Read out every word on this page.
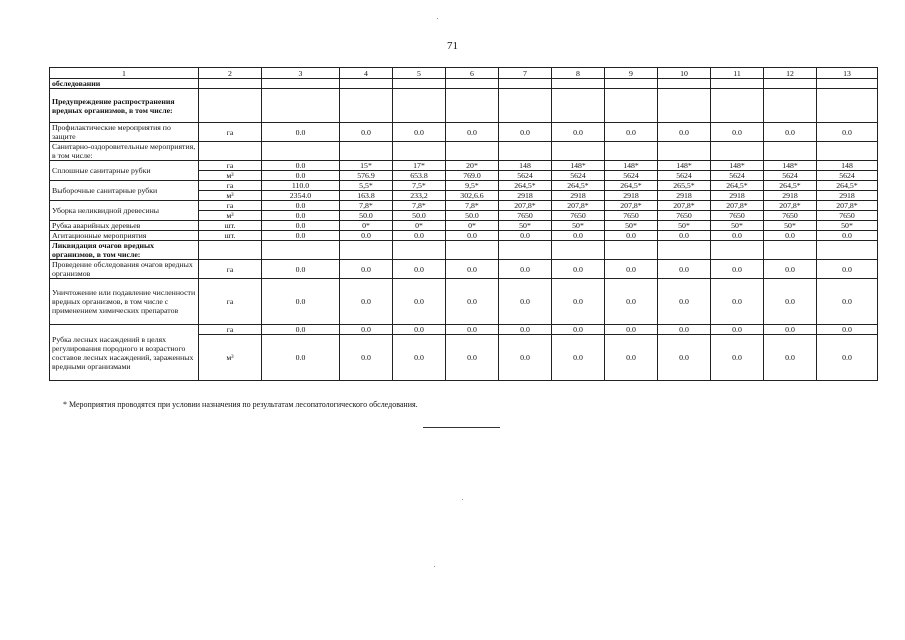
71
1	2	3	4	5	6	7	8	9	10	11	12	13
обследовании												
Предупреждение распространения вредных организмов, в том числе:												
Профилактические мероприятия по защите	га	0.0	0.0	0.0	0.0	0.0	0.0	0.0	0.0	0.0	0.0	0.0
Санитарно-оздоровительные мероприятия, в том числе:												
Сплошные санитарные рубки	га	0.0	15*	17*	20*	148	148*	148*	148*	148*	148*	148
	м³	0.0	576.9	653.8	769.0	5624	5624	5624	5624	5624	5624	5624
Выборочные санитарные рубки	га	110.0	5,5*	7,5*	9,5*	264,5*	264,5*	264,5*	265,5*	264,5*	264,5*	264,5*
	м³	2354.0	163.8	233,2	302,6.6	2918	2918	2918	2918	2918	2918	2918
Уборка неликвидной древесины	га	0.0	7,8*	7,8*	7,8*	207,8*	207,8*	207,8*	207,8*	207,8*	207,8*	207,8*
	м³	0.0	50.0	50.0	50.0	7650	7650	7650	7650	7650	7650	7650
Рубка аварийных деревьев	шт.	0.0	0*	0*	0*	50*	50*	50*	50*	50*	50*	50*
Агитационные мероприятия	шт.	0.0	0.0	0.0	0.0	0.0	0.0	0.0	0.0	0.0	0.0	0.0
Ликвидация очагов вредных организмов, в том числе:												
Проведение обследования очагов вредных организмов	га	0.0	0.0	0.0	0.0	0.0	0.0	0.0	0.0	0.0	0.0	0.0
Уничтожение или подавление численности вредных организмов, в том числе с применением химических препаратов	га	0.0	0.0	0.0	0.0	0.0	0.0	0.0	0.0	0.0	0.0	0.0
Рубка лесных насаждений в целях регулирования породного и возрастного составов лесных насаждений, зараженных вредными организмами	га	0.0	0.0	0.0	0.0	0.0	0.0	0.0	0.0	0.0	0.0	0.0
	м³	0.0	0.0	0.0	0.0	0.0	0.0	0.0	0.0	0.0	0.0	0.0
* Мероприятия проводятся при условии назначения по результатам лесопатологического обследования.
